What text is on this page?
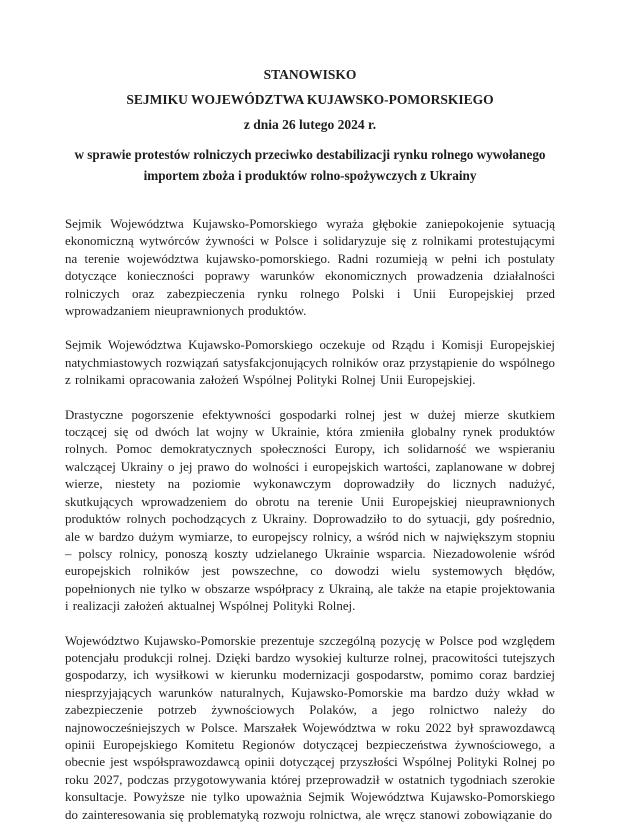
STANOWISKO
SEJMIKU WOJEWÓDZTWA KUJAWSKO-POMORSKIEGO
z dnia 26 lutego 2024 r.
w sprawie protestów rolniczych przeciwko destabilizacji rynku rolnego wywołanego importem zboża i produktów rolno-spożywczych z Ukrainy

Sejmik Województwa Kujawsko-Pomorskiego wyraża głębokie zaniepokojenie sytuacją ekonomiczną wytwórców żywności w Polsce i solidaryzuje się z rolnikami protestującymi na terenie województwa kujawsko-pomorskiego. Radni rozumieją w pełni ich postulaty dotyczące konieczności poprawy warunków ekonomicznych prowadzenia działalności rolniczych oraz zabezpieczenia rynku rolnego Polski i Unii Europejskiej przed wprowadzaniem nieuprawnionych produktów.

Sejmik Województwa Kujawsko-Pomorskiego oczekuje od Rządu i Komisji Europejskiej natychmiastowych rozwiązań satysfakcjonujących rolników oraz przystąpienie do wspólnego z rolnikami opracowania założeń Wspólnej Polityki Rolnej Unii Europejskiej.

Drastyczne pogorszenie efektywności gospodarki rolnej jest w dużej mierze skutkiem toczącej się od dwóch lat wojny w Ukrainie, która zmieniła globalny rynek produktów rolnych. Pomoc demokratycznych społeczności Europy, ich solidarność we wspieraniu walczącej Ukrainy o jej prawo do wolności i europejskich wartości, zaplanowane w dobrej wierze, niestety na poziomie wykonawczym doprowadziły do licznych nadużyć, skutkujących wprowadzeniem do obrotu na terenie Unii Europejskiej nieuprawnionych produktów rolnych pochodzących z Ukrainy. Doprowadziło to do sytuacji, gdy pośrednio, ale w bardzo dużym wymiarze, to europejscy rolnicy, a wśród nich w największym stopniu – polscy rolnicy, ponoszą koszty udzielanego Ukrainie wsparcia. Niezadowolenie wśród europejskich rolników jest powszechne, co dowodzi wielu systemowych błędów, popełnionych nie tylko w obszarze współpracy z Ukrainą, ale także na etapie projektowania i realizacji założeń aktualnej Wspólnej Polityki Rolnej.

Województwo Kujawsko-Pomorskie prezentuje szczególną pozycję w Polsce pod względem potencjału produkcji rolnej. Dzięki bardzo wysokiej kulturze rolnej, pracowitości tutejszych gospodarzy, ich wysiłkowi w kierunku modernizacji gospodarstw, pomimo coraz bardziej niesprzyjających warunków naturalnych, Kujawsko-Pomorskie ma bardzo duży wkład w zabezpieczenie potrzeb żywnościowych Polaków, a jego rolnictwo należy do najnowocześniejszych w Polsce. Marszałek Województwa w roku 2022 był sprawozdawcą opinii Europejskiego Komitetu Regionów dotyczącej bezpieczeństwa żywnościowego, a obecnie jest współsprawozdawcą opinii dotyczącej przyszłości Wspólnej Polityki Rolnej po roku 2027, podczas przygotowywania której przeprowadził w ostatnich tygodniach szerokie konsultacje. Powyższe nie tylko upoważnia Sejmik Województwa Kujawsko-Pomorskiego do zainteresowania się problematyką rozwoju rolnictwa, ale wręcz stanowi zobowiązanie do
